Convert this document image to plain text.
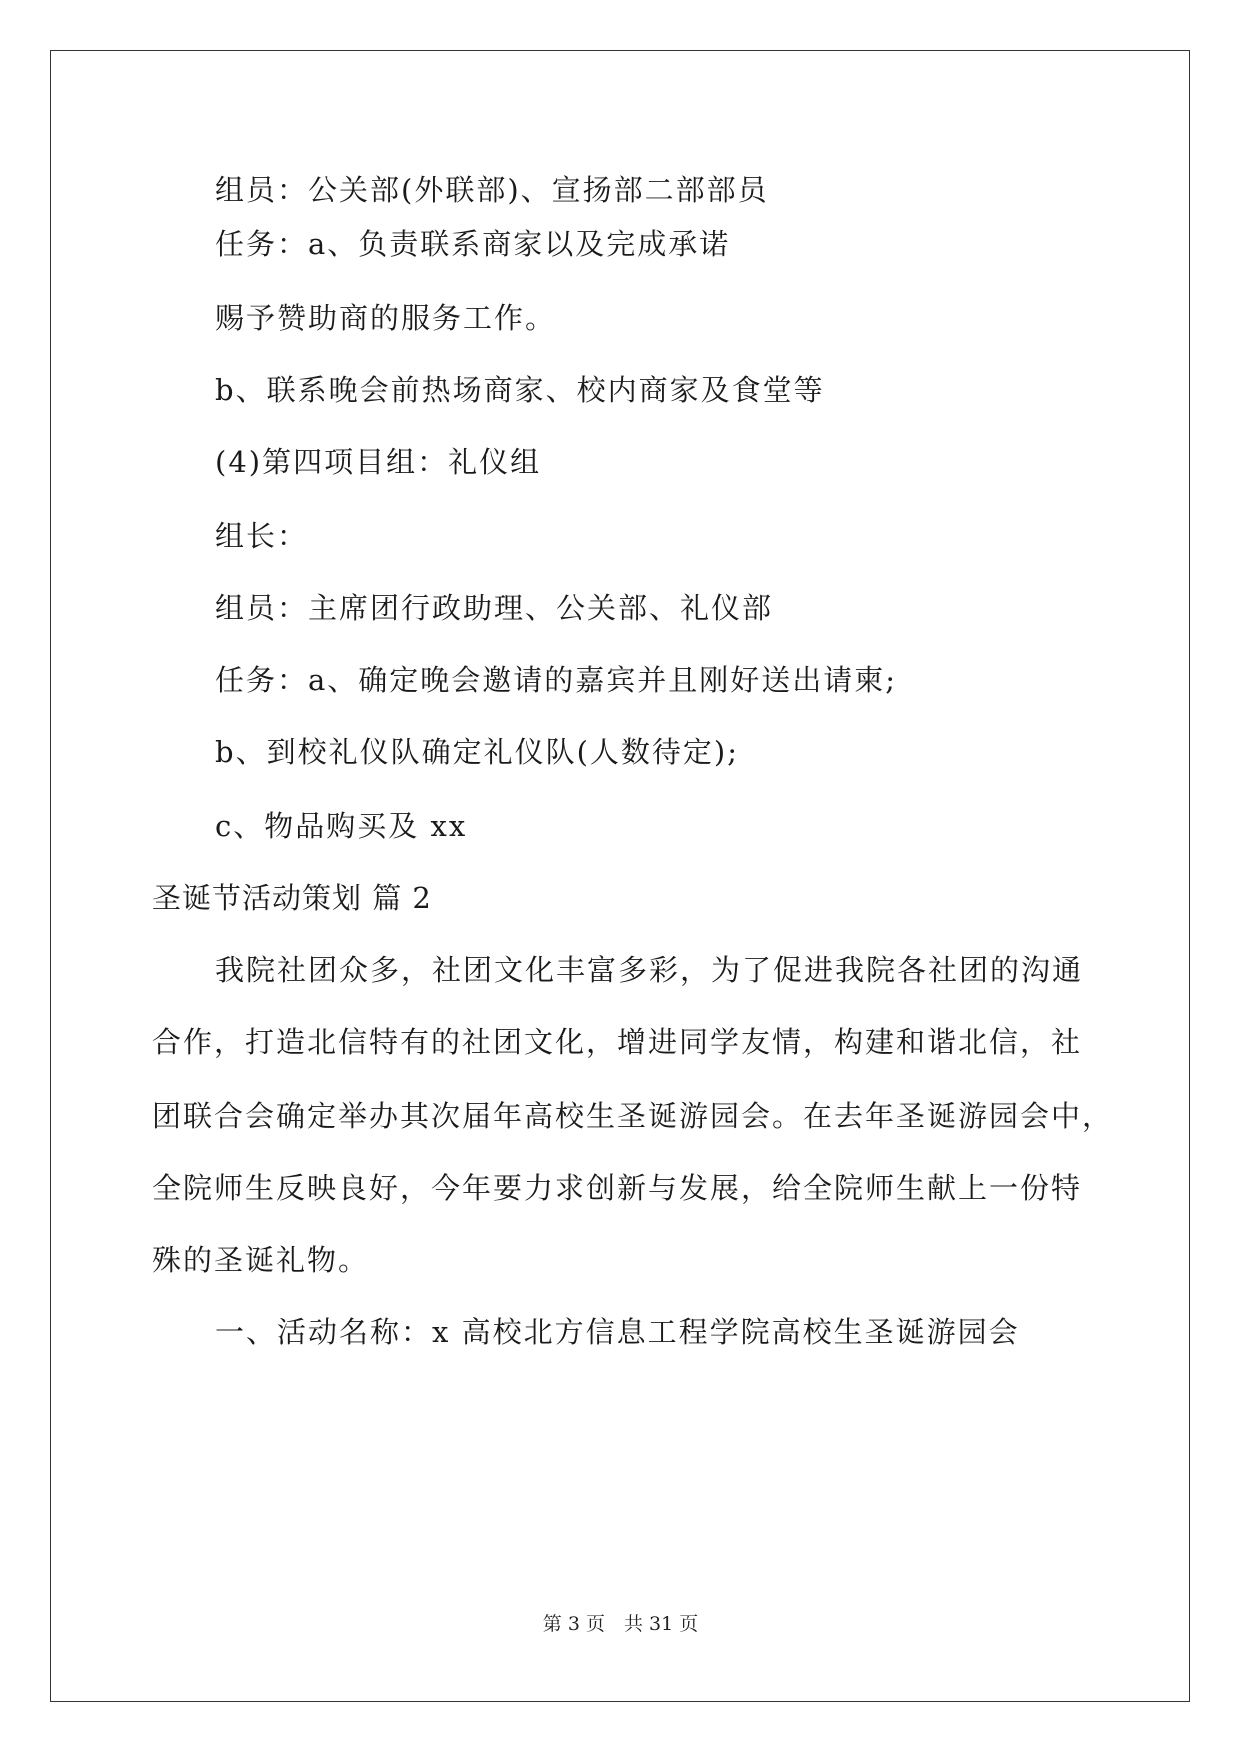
组员：公关部(外联部)、宣扬部二部部员
任务：a、负责联系商家以及完成承诺
赐予赞助商的服务工作。
b、联系晚会前热场商家、校内商家及食堂等
(4)第四项目组：礼仪组
组长：
组员：主席团行政助理、公关部、礼仪部
任务：a、确定晚会邀请的嘉宾并且刚好送出请柬;
b、到校礼仪队确定礼仪队(人数待定);
c、物品购买及 xx
圣诞节活动策划 篇 2
我院社团众多，社团文化丰富多彩，为了促进我院各社团的沟通
合作，打造北信特有的社团文化，增进同学友情，构建和谐北信，社
团联合会确定举办其次届年高校生圣诞游园会。在去年圣诞游园会中，
全院师生反映良好，今年要力求创新与发展，给全院师生献上一份特
殊的圣诞礼物。
一、活动名称：x 高校北方信息工程学院高校生圣诞游园会
第 3 页　共 31 页
